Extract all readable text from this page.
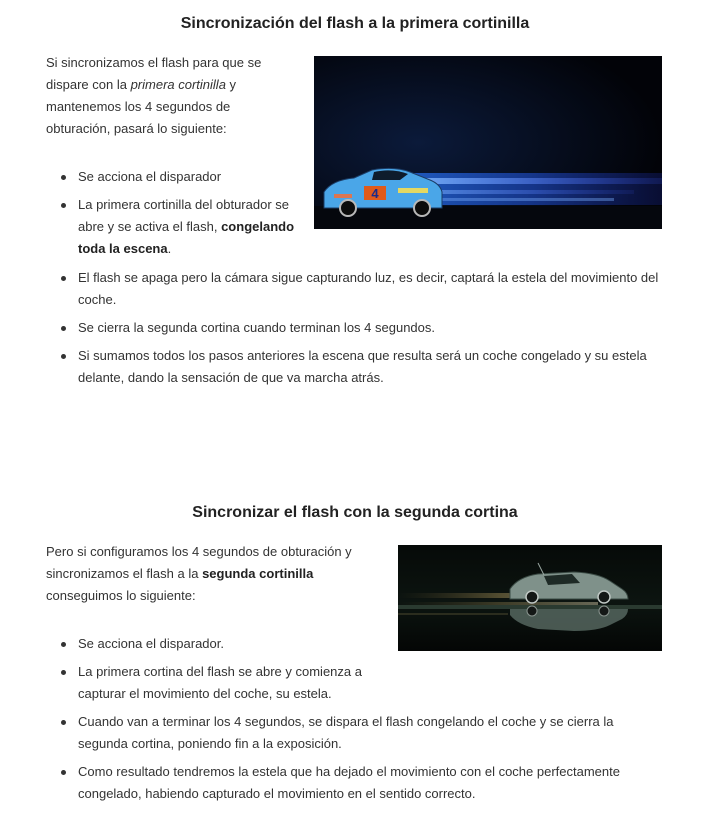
Sincronización del flash a la primera cortinilla

Si sincronizamos el flash para que se dispare con la primera cortinilla y mantenemos los 4 segundos de obturación, pasará lo siguiente:

4
Se acciona el disparador
La primera cortinilla del obturador se abre y se activa el flash, congelando toda la escena.
El flash se apaga pero la cámara sigue capturando luz, es decir, captará la estela del movimiento del coche.
Se cierra la segunda cortina cuando terminan los 4 segundos.
Si sumamos todos los pasos anteriores la escena que resulta será un coche congelado y su estela delante, dando la sensación de que va marcha atrás.
Sincronizar el flash con la segunda cortina

Pero si configuramos los 4 segundos de obturación y sincronizamos el flash a la segunda cortinilla conseguimos lo siguiente:

Se acciona el disparador.
La primera cortina del flash se abre y comienza a capturar el movimiento del coche, su estela.
Cuando van a terminar los 4 segundos, se dispara el flash congelando el coche y se cierra la segunda cortina, poniendo fin a la exposición.
Como resultado tendremos la estela que ha dejado el movimiento con el coche perfectamente congelado, habiendo capturado el movimiento en el sentido correcto.
